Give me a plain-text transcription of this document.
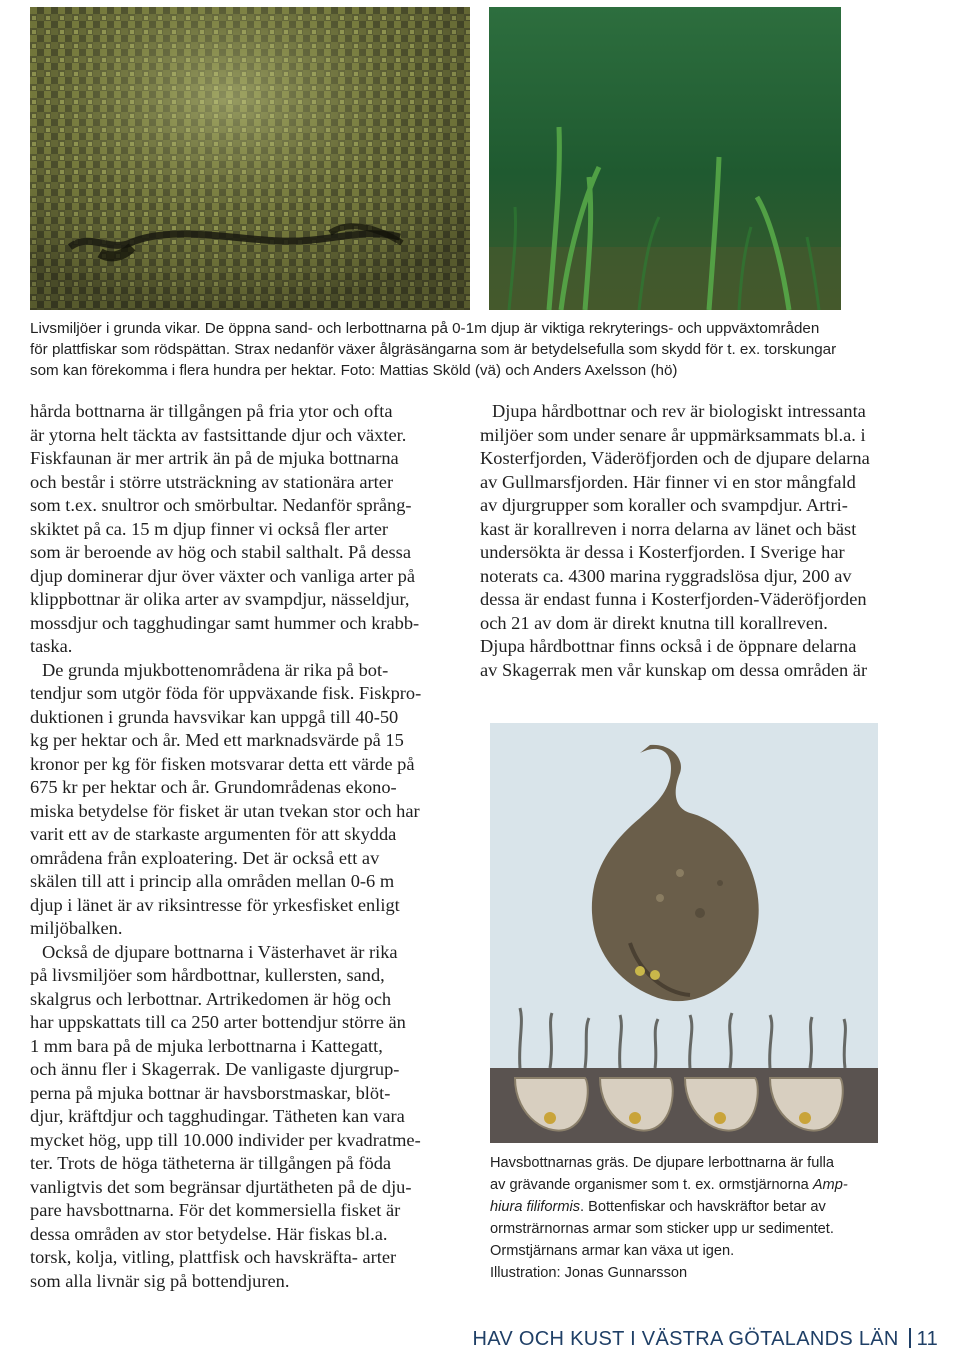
Livsmiljöer i grunda vikar. De öppna sand- och lerbottnarna på 0-1m djup är viktiga rekryterings- och uppväxtområden
för plattfiskar som rödspättan. Strax nedanför växer ålgräsängarna som är betydelsefulla som skydd för t. ex. torskungar
som kan förekomma i flera hundra per hektar. Foto: Mattias Sköld (vä) och Anders Axelsson (hö)
hårda bottnarna är tillgången på fria ytor och ofta
är ytorna helt täckta av fastsittande djur och växter.
Fiskfaunan är mer artrik än på de mjuka bottnarna
och består i större utsträckning av stationära arter
som t.ex. snultror och smörbultar. Nedanför språng-
skiktet på ca. 15 m djup finner vi också fler arter
som är beroende av hög och stabil salthalt. På dessa
djup dominerar djur över växter och vanliga arter på
klippbottnar är olika arter av svampdjur, nässeldjur,
mossdjur och tagghudingar samt hummer och krabb-
taska.
De grunda mjukbottenområdena är rika på bot-
tendjur som utgör föda för uppväxande fisk. Fiskpro-
duktionen i grunda havsvikar kan uppgå till 40-50
kg per hektar och år. Med ett marknadsvärde på 15
kronor per kg för fisken motsvarar detta ett värde på
675 kr per hektar och år. Grundområdenas ekono-
miska betydelse för fisket är utan tvekan stor och har
varit ett av de starkaste argumenten för att skydda
områdena från exploatering. Det är också ett av
skälen till att i princip alla områden mellan 0-6 m
djup i länet är av riksintresse för yrkesfisket enligt
miljöbalken.
Också de djupare bottnarna i Västerhavet är rika
på livsmiljöer som hårdbottnar, kullersten, sand,
skalgrus och lerbottnar. Artrikedomen är hög och
har uppskattats till ca 250 arter bottendjur större än
1 mm bara på de mjuka lerbottnarna i Kattegatt,
och ännu fler i Skagerrak. De vanligaste djurgrup-
perna på mjuka bottnar är havsborstmaskar, blöt-
djur, kräftdjur och tagghudingar. Tätheten kan vara
mycket hög, upp till 10.000 individer per kvadratme-
ter. Trots de höga tätheterna är tillgången på föda
vanligtvis det som begränsar djurtätheten på de dju-
pare havsbottnarna. För det kommersiella fisket är
dessa områden av stor betydelse. Här fiskas bl.a.
torsk, kolja, vitling, plattfisk och havskräfta- arter
som alla livnär sig på bottendjuren.
Djupa hårdbottnar och rev är biologiskt intressanta
miljöer som under senare år uppmärksammats bl.a. i
Kosterfjorden, Väderöfjorden och de djupare delarna
av Gullmarsfjorden. Här finner vi en stor mångfald
av djurgrupper som koraller och svampdjur. Artri-
kast är korallreven i norra delarna av länet och bäst
undersökta är dessa i Kosterfjorden. I Sverige har
noterats ca. 4300 marina ryggradslösa djur, 200 av
dessa är endast funna i Kosterfjorden-Väderöfjorden
och 21 av dom är direkt knutna till korallreven.
Djupa hårdbottnar finns också i de öppnare delarna
av Skagerrak men vår kunskap om dessa områden är
Havsbottnarnas gräs. De djupare lerbottnarna är fulla
av grävande organismer som t. ex. ormstjärnorna Amp-
hiura filiformis. Bottenfiskar och havskräftor betar av
ormsträrnornas armar som sticker upp ur sedimentet.
Ormstjärnans armar kan växa ut igen.
Illustration: Jonas Gunnarsson
HAV OCH KUST I VÄSTRA GÖTALANDS LÄN 11
